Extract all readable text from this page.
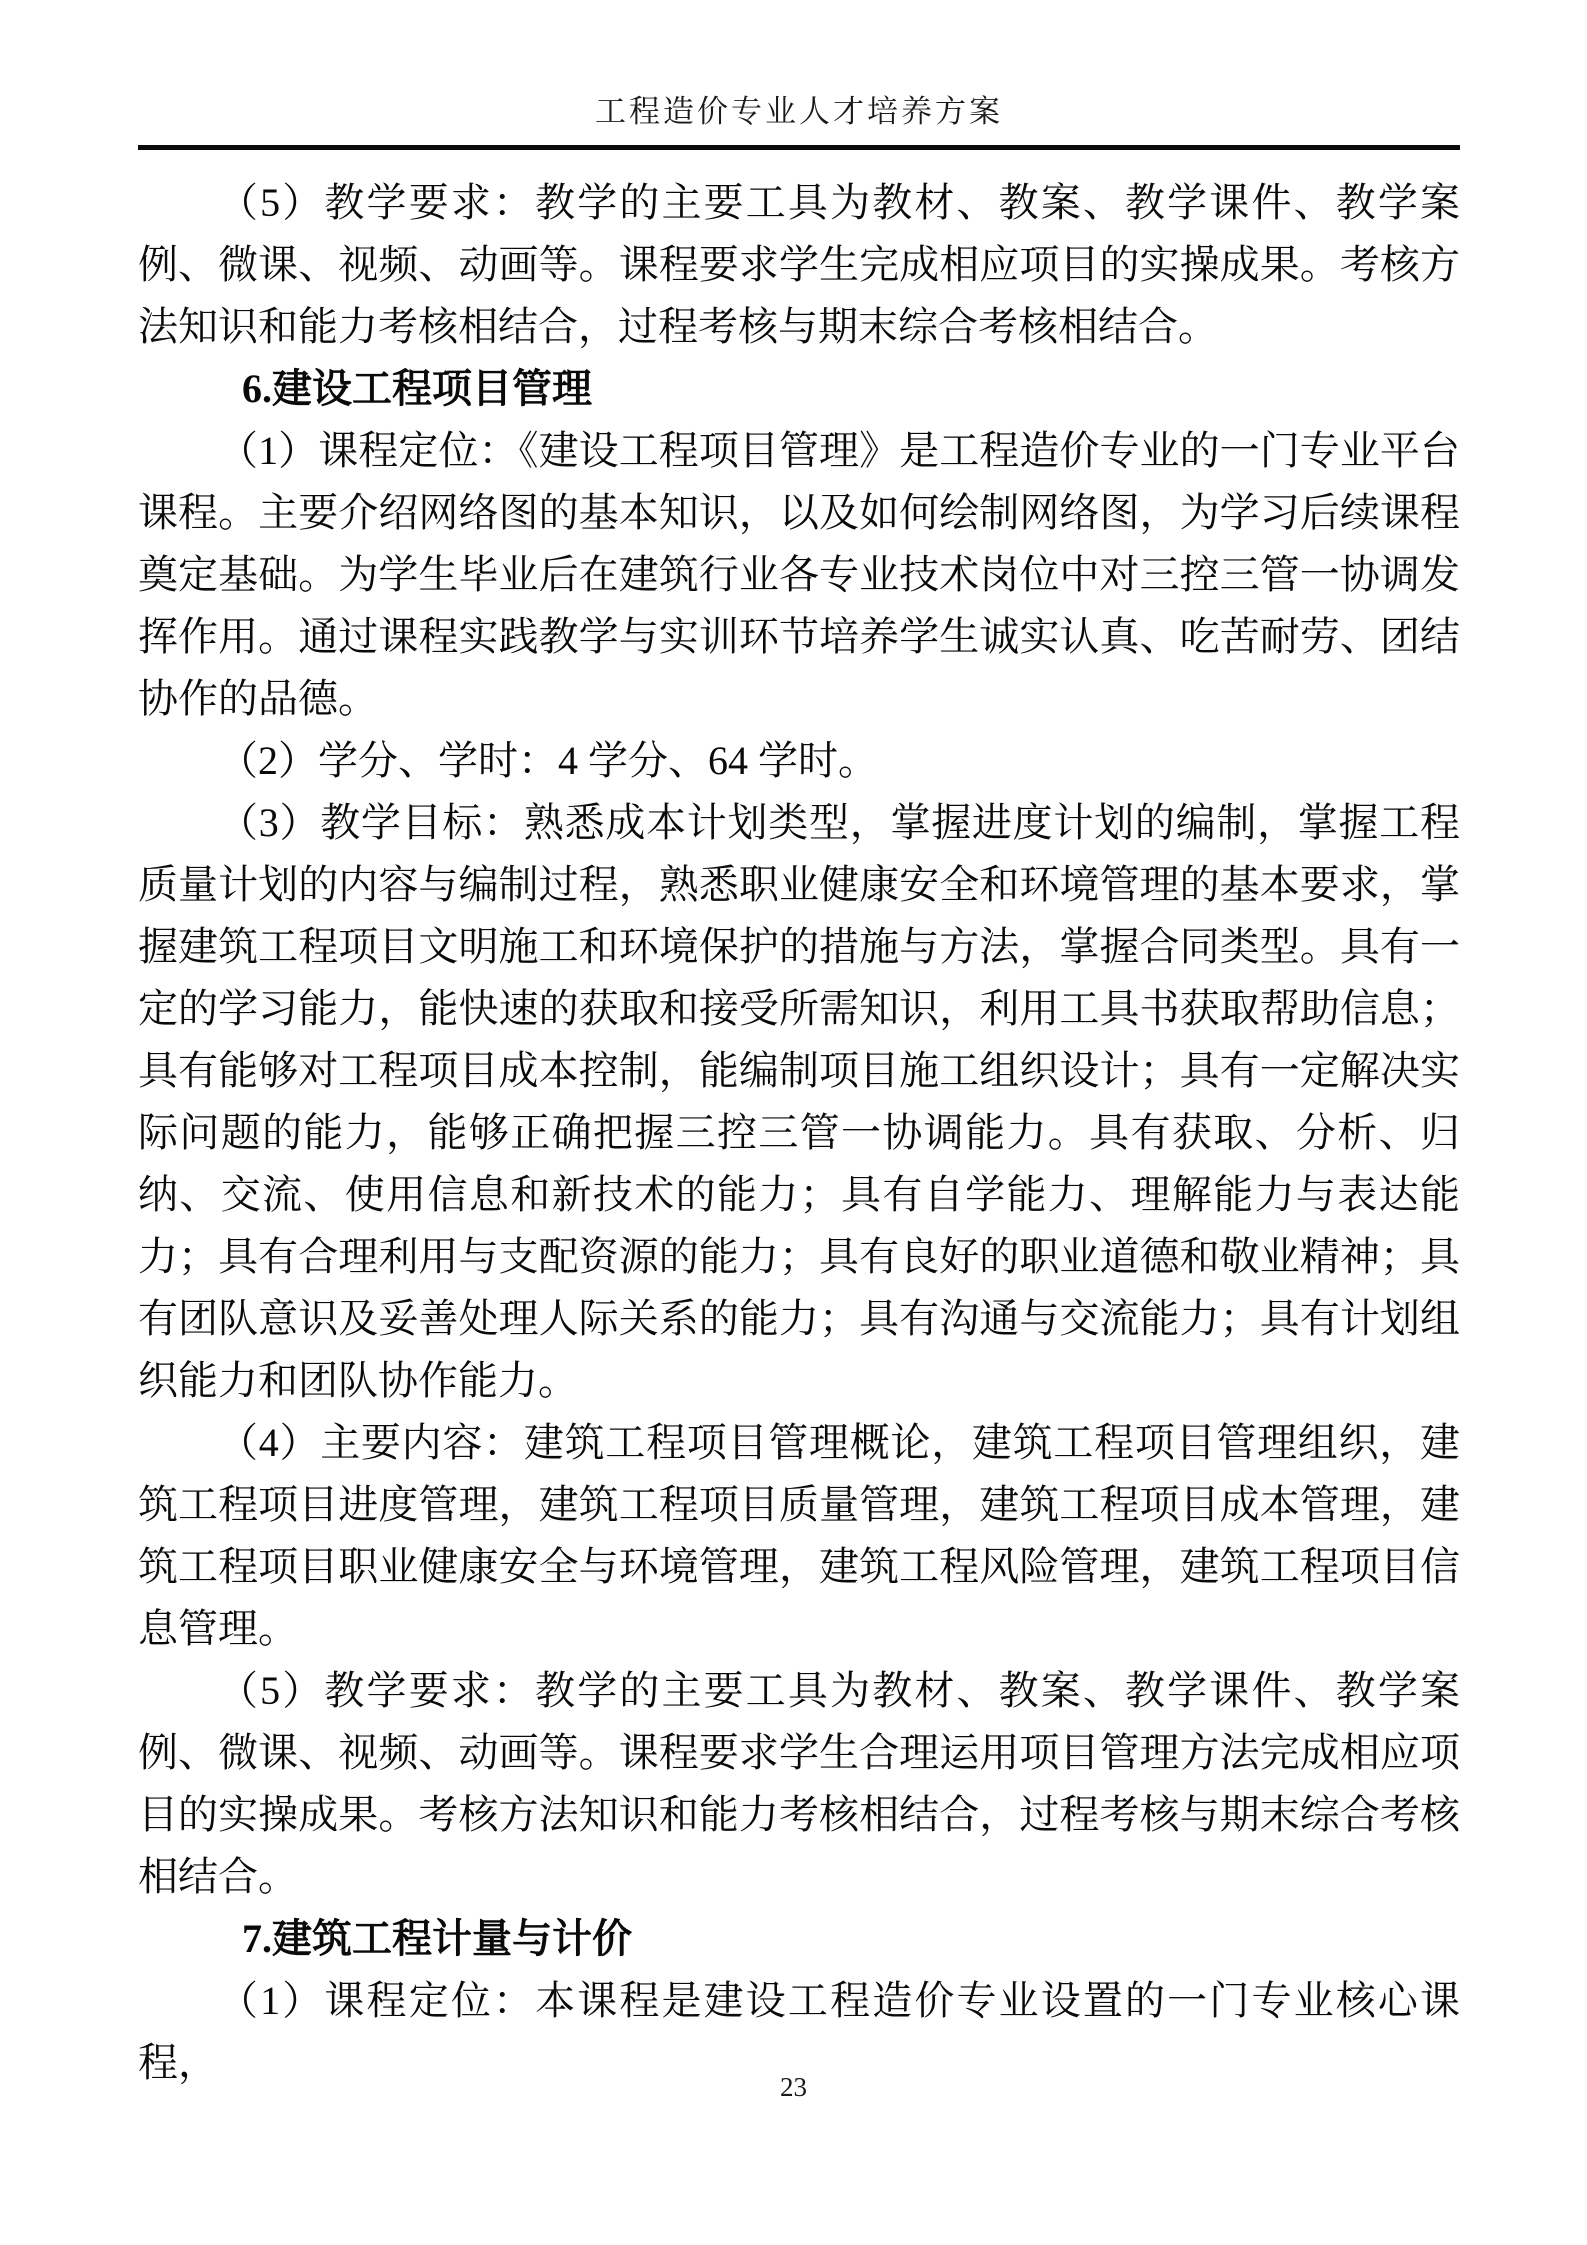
工程造价专业人才培养方案

（5）教学要求：教学的主要工具为教材、教案、教学课件、教学案例、微课、视频、动画等。课程要求学生完成相应项目的实操成果。考核方法知识和能力考核相结合，过程考核与期末综合考核相结合。

6.建设工程项目管理

（1）课程定位：《建设工程项目管理》是工程造价专业的一门专业平台课程。主要介绍网络图的基本知识，以及如何绘制网络图，为学习后续课程奠定基础。为学生毕业后在建筑行业各专业技术岗位中对三控三管一协调发挥作用。通过课程实践教学与实训环节培养学生诚实认真、吃苦耐劳、团结协作的品德。

（2）学分、学时：4 学分、64 学时。

（3）教学目标：熟悉成本计划类型，掌握进度计划的编制，掌握工程质量计划的内容与编制过程，熟悉职业健康安全和环境管理的基本要求，掌握建筑工程项目文明施工和环境保护的措施与方法，掌握合同类型。具有一定的学习能力，能快速的获取和接受所需知识，利用工具书获取帮助信息；具有能够对工程项目成本控制，能编制项目施工组织设计；具有一定解决实际问题的能力，能够正确把握三控三管一协调能力。具有获取、分析、归纳、交流、使用信息和新技术的能力；具有自学能力、理解能力与表达能力；具有合理利用与支配资源的能力；具有良好的职业道德和敬业精神；具有团队意识及妥善处理人际关系的能力；具有沟通与交流能力；具有计划组织能力和团队协作能力。

（4）主要内容：建筑工程项目管理概论，建筑工程项目管理组织，建筑工程项目进度管理，建筑工程项目质量管理，建筑工程项目成本管理，建筑工程项目职业健康安全与环境管理，建筑工程风险管理，建筑工程项目信息管理。

（5）教学要求：教学的主要工具为教材、教案、教学课件、教学案例、微课、视频、动画等。课程要求学生合理运用项目管理方法完成相应项目的实操成果。考核方法知识和能力考核相结合，过程考核与期末综合考核相结合。

7.建筑工程计量与计价

（1）课程定位：本课程是建设工程造价专业设置的一门专业核心课程，

23
